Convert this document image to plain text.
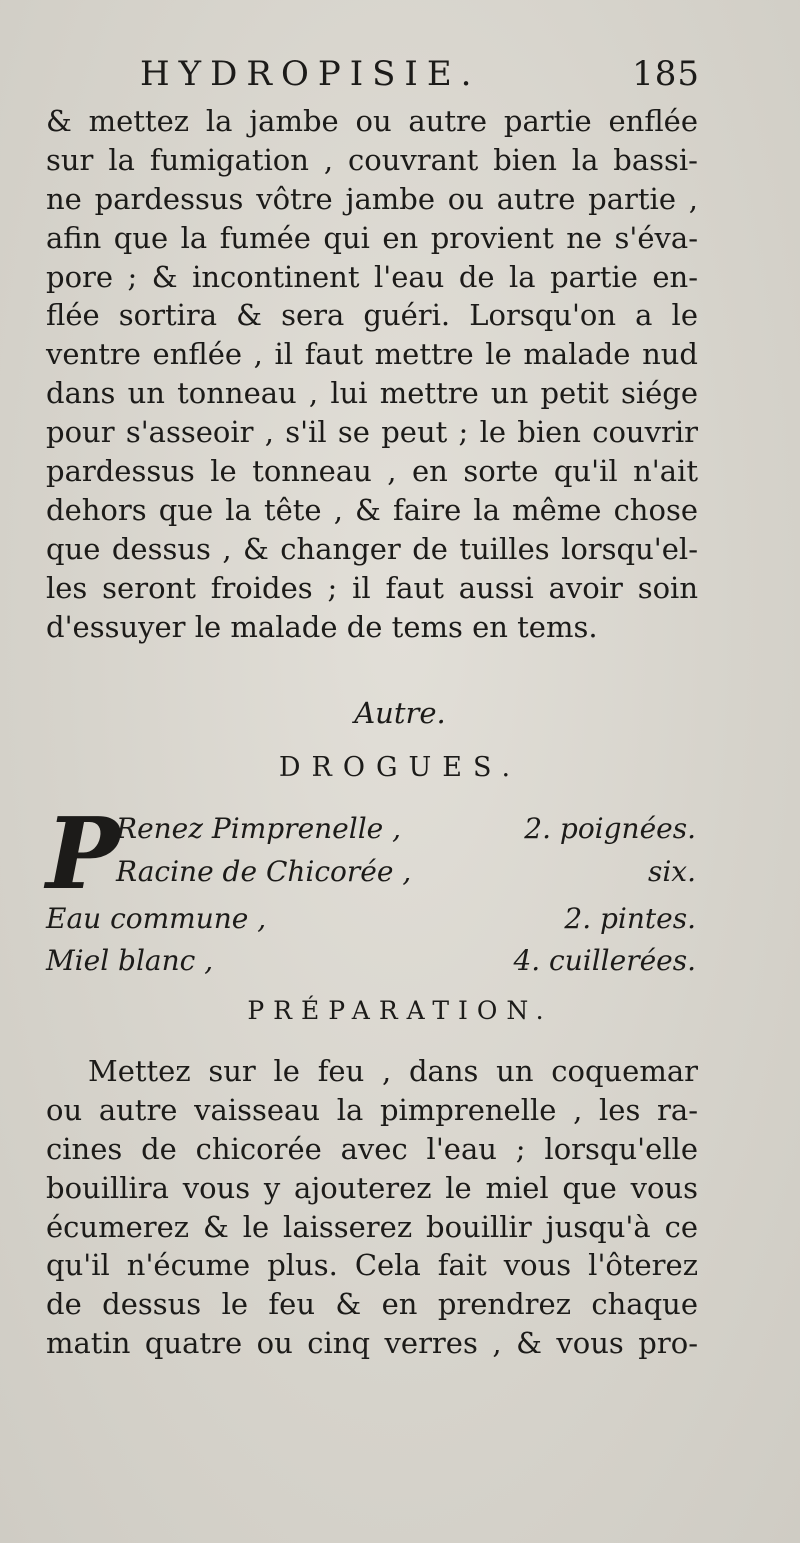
HYDROPISIE.	185
& mettez la jambe ou autre partie enflée
sur la fumigation , couvrant bien la bassi-
ne pardessus vôtre jambe ou autre partie ,
afin que la fumée qui en provient ne s'éva-
pore ; & incontinent l'eau de la partie en-
flée sortira & sera guéri. Lorsqu'on a le
ventre enflée , il faut mettre le malade nud
dans un tonneau , lui mettre un petit siége
pour s'asseoir , s'il se peut ; le bien couvrir
pardessus le tonneau , en sorte qu'il n'ait
dehors que la tête , & faire la même chose
que dessus , & changer de tuilles lorsqu'el-
les seront froides ; il faut aussi avoir soin
d'essuyer le malade de tems en tems.
Autre.
DROGUES.
P
Renez Pimprenelle ,	2. poignées.
Racine de Chicorée ,	six.
Eau commune ,	2. pintes.
Miel blanc ,	4. cuillerées.
PRÉPARATION.
Mettez sur le feu , dans un coquemar
ou autre vaisseau la pimprenelle , les ra-
cines de chicorée avec l'eau ; lorsqu'elle
bouillira vous y ajouterez le miel que vous
écumerez & le laisserez bouillir jusqu'à ce
qu'il n'écume plus. Cela fait vous l'ôterez
de dessus le feu & en prendrez chaque
matin quatre ou cinq verres , & vous pro-
